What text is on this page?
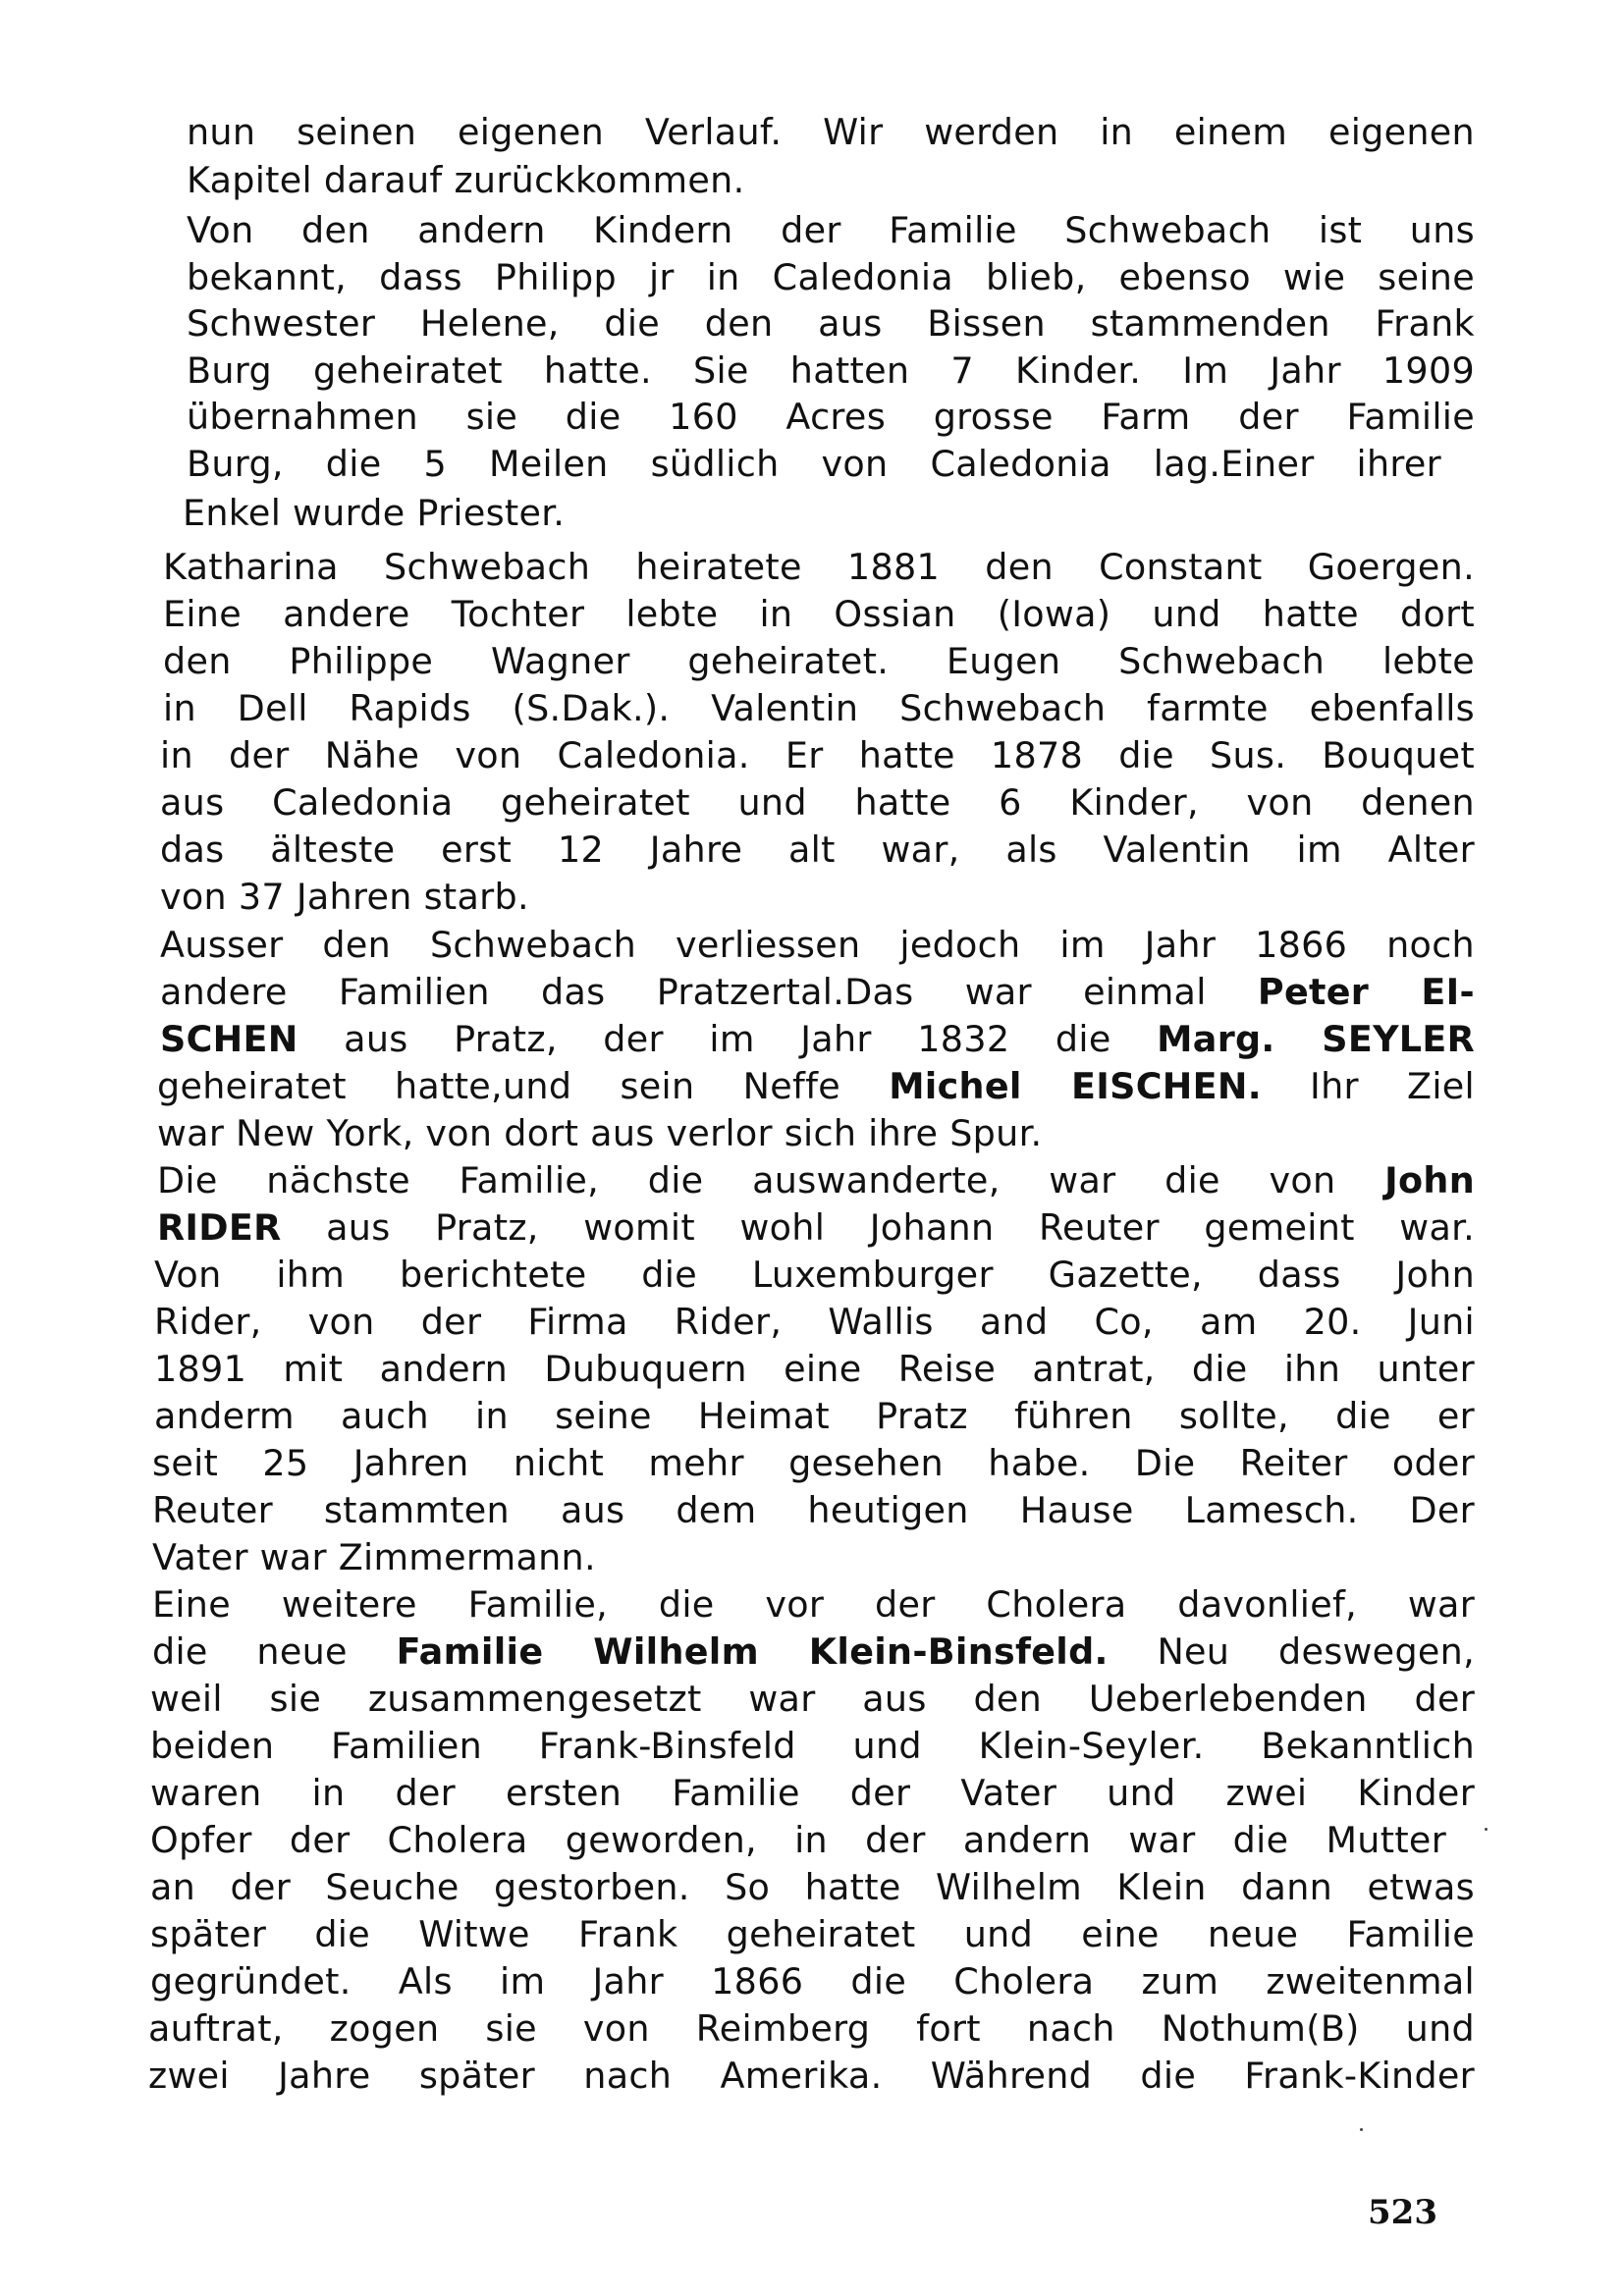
nun seinen eigenen Verlauf. Wir werden in einem eigenen
Kapitel darauf zurückkommen.
Von den andern Kindern der Familie Schwebach ist uns
bekannt, dass Philipp jr in Caledonia blieb, ebenso wie seine
Schwester Helene, die den aus Bissen stammenden Frank
Burg geheiratet hatte. Sie hatten 7 Kinder. Im Jahr 1909
übernahmen sie die 160 Acres grosse Farm der Familie
Burg, die 5 Meilen südlich von Caledonia lag.Einer ihrer
Enkel wurde Priester.
Katharina Schwebach heiratete 1881 den Constant Goergen.
Eine andere Tochter lebte in Ossian (Iowa) und hatte dort
den Philippe Wagner geheiratet. Eugen Schwebach lebte
in Dell Rapids (S.Dak.). Valentin Schwebach farmte ebenfalls
in der Nähe von Caledonia. Er hatte 1878 die Sus. Bouquet
aus Caledonia geheiratet und hatte 6 Kinder, von denen
das älteste erst 12 Jahre alt war, als Valentin im Alter
von 37 Jahren starb.
Ausser den Schwebach verliessen jedoch im Jahr 1866 noch
andere Familien das Pratzertal.Das war einmal Peter EI-
SCHEN aus Pratz, der im Jahr 1832 die Marg. SEYLER
geheiratet hatte,und sein Neffe Michel EISCHEN. Ihr Ziel
war New York, von dort aus verlor sich ihre Spur.
Die nächste Familie, die auswanderte, war die von John
RIDER aus Pratz, womit wohl Johann Reuter gemeint war.
Von ihm berichtete die Luxemburger Gazette, dass John
Rider, von der Firma Rider, Wallis and Co, am 20. Juni
1891 mit andern Dubuquern eine Reise antrat, die ihn unter
anderm auch in seine Heimat Pratz führen sollte, die er
seit 25 Jahren nicht mehr gesehen habe. Die Reiter oder
Reuter stammten aus dem heutigen Hause Lamesch. Der
Vater war Zimmermann.
Eine weitere Familie, die vor der Cholera davonlief, war
die neue Familie Wilhelm Klein-Binsfeld. Neu deswegen,
weil sie zusammengesetzt war aus den Ueberlebenden der
beiden Familien Frank-Binsfeld und Klein-Seyler. Bekanntlich
waren in der ersten Familie der Vater und zwei Kinder
Opfer der Cholera geworden, in der andern war die Mutter
an der Seuche gestorben. So hatte Wilhelm Klein dann etwas
später die Witwe Frank geheiratet und eine neue Familie
gegründet. Als im Jahr 1866 die Cholera zum zweitenmal
auftrat, zogen sie von Reimberg fort nach Nothum(B) und
zwei Jahre später nach Amerika. Während die Frank-Kinder
523
